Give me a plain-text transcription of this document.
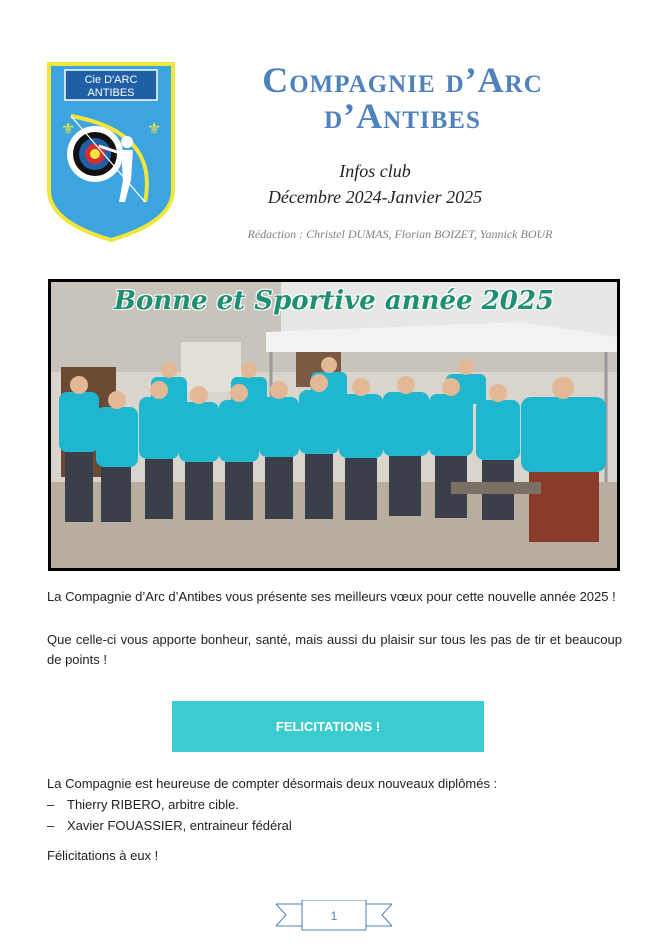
Cie D'ARC
ANTIBES
⚜	⚜
Compagnie d’Arc
d’Antibes
Infos club
Décembre 2024-Janvier 2025
Rédaction : Christel DUMAS, Florian BOIZET, Yannick BOUR
Bonne et Sportive année 2025
La Compagnie d’Arc d’Antibes vous présente ses meilleurs vœux pour cette nouvelle année 2025 !
Que celle-ci vous apporte bonheur, santé, mais aussi du plaisir sur tous les pas de tir et beaucoup de points !
FELICITATIONS !
La Compagnie est heureuse de compter désormais deux nouveaux diplômés :
– Thierry RIBERO, arbitre cible.
– Xavier FOUASSIER, entraineur fédéral
Félicitations à eux !
1
